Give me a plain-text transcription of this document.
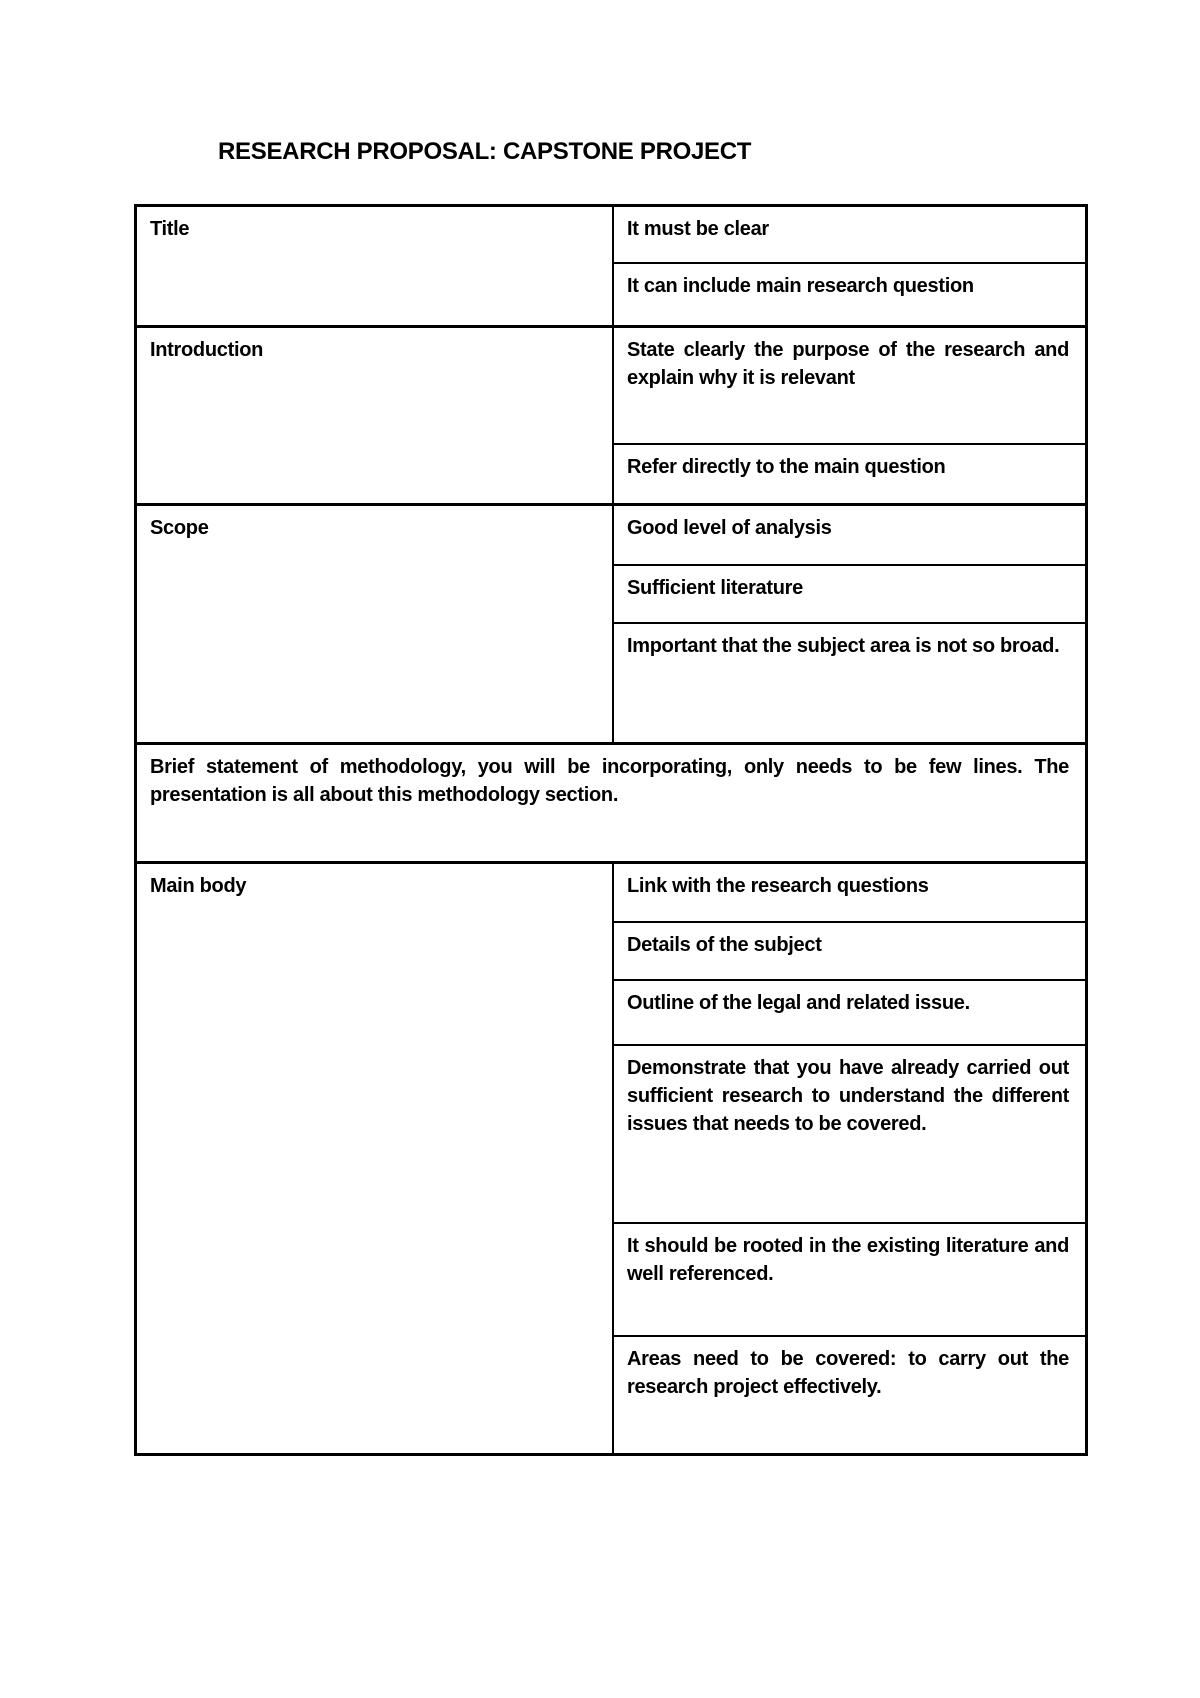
RESEARCH PROPOSAL: CAPSTONE PROJECT

Title	It must be clear

It can include main research question

Introduction	State clearly the purpose of the research and explain why it is relevant

Refer directly to the main question

Scope	Good level of analysis

Sufficient literature

Important that the subject area is not so broad.

Brief statement of methodology, you will be incorporating, only needs to be few lines. The presentation is all about this methodology section.

Main body	Link with the research questions

Details of the subject

Outline of the legal and related issue.

Demonstrate that you have already carried out sufficient research to understand the different issues that needs to be covered.

It should be rooted in the existing literature and well referenced.

Areas need to be covered: to carry out the research project effectively.
